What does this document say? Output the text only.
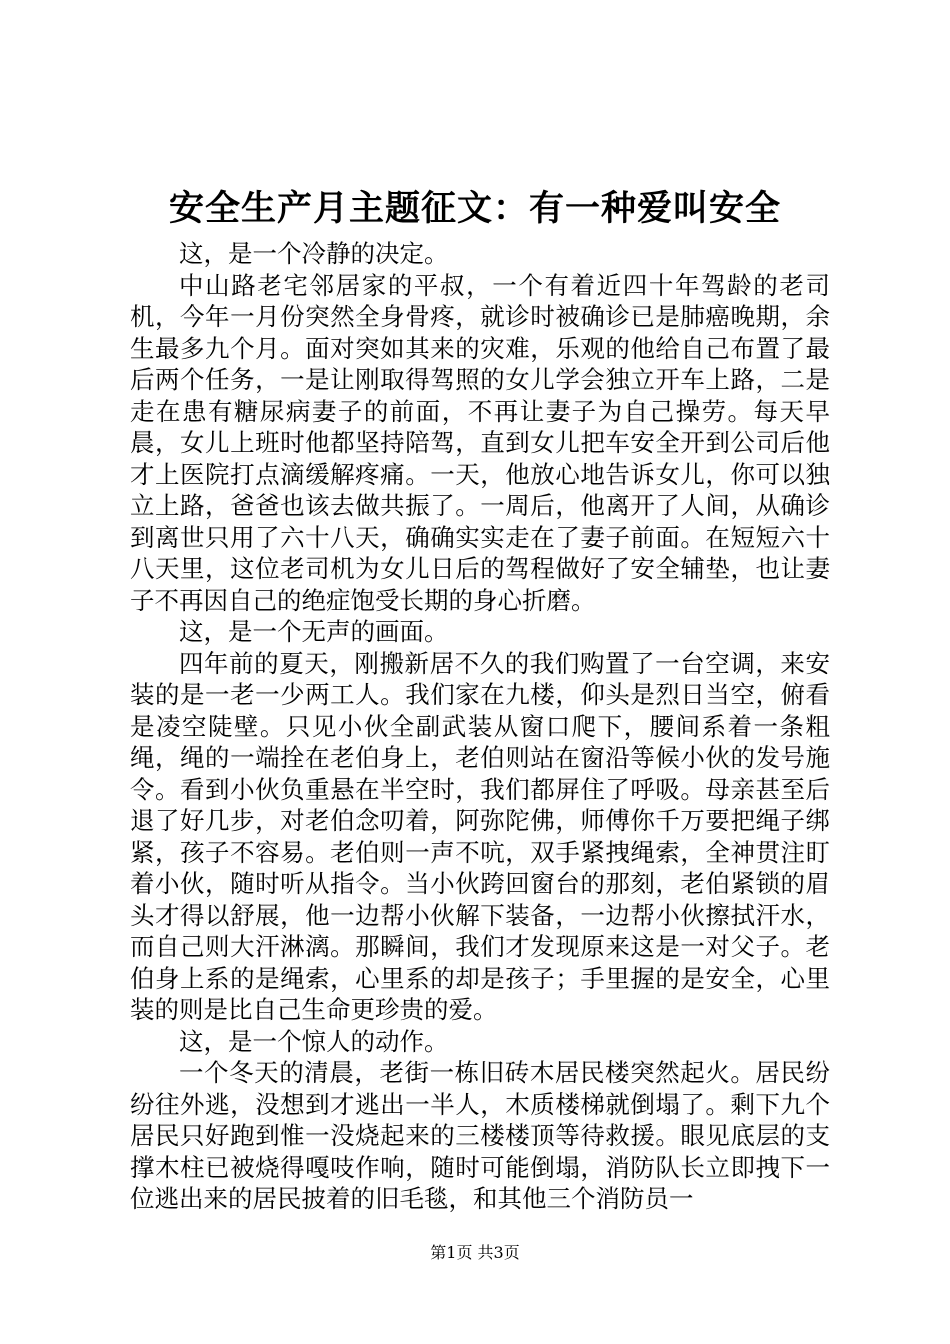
安全生产月主题征文：有一种爱叫安全

这，是一个冷静的决定。

中山路老宅邻居家的平叔，一个有着近四十年驾龄的老司机，今年一月份突然全身骨疼，就诊时被确诊已是肺癌晚期，余生最多九个月。面对突如其来的灾难，乐观的他给自己布置了最后两个任务，一是让刚取得驾照的女儿学会独立开车上路，二是走在患有糖尿病妻子的前面，不再让妻子为自己操劳。每天早晨，女儿上班时他都坚持陪驾，直到女儿把车安全开到公司后他才上医院打点滴缓解疼痛。一天，他放心地告诉女儿，你可以独立上路，爸爸也该去做共振了。一周后，他离开了人间，从确诊到离世只用了六十八天，确确实实走在了妻子前面。在短短六十八天里，这位老司机为女儿日后的驾程做好了安全辅垫，也让妻子不再因自己的绝症饱受长期的身心折磨。

这，是一个无声的画面。

四年前的夏天，刚搬新居不久的我们购置了一台空调，来安装的是一老一少两工人。我们家在九楼，仰头是烈日当空，俯看是凌空陡壁。只见小伙全副武装从窗口爬下，腰间系着一条粗绳，绳的一端拴在老伯身上，老伯则站在窗沿等候小伙的发号施令。看到小伙负重悬在半空时，我们都屏住了呼吸。母亲甚至后退了好几步，对老伯念叨着，阿弥陀佛，师傅你千万要把绳子绑紧，孩子不容易。老伯则一声不吭，双手紧拽绳索，全神贯注盯着小伙，随时听从指令。当小伙跨回窗台的那刻，老伯紧锁的眉头才得以舒展，他一边帮小伙解下装备，一边帮小伙擦拭汗水，而自己则大汗淋漓。那瞬间，我们才发现原来这是一对父子。老伯身上系的是绳索，心里系的却是孩子；手里握的是安全，心里装的则是比自己生命更珍贵的爱。

这，是一个惊人的动作。

一个冬天的清晨，老街一栋旧砖木居民楼突然起火。居民纷纷往外逃，没想到才逃出一半人，木质楼梯就倒塌了。剩下九个居民只好跑到惟一没烧起来的三楼楼顶等待救援。眼见底层的支撑木柱已被烧得嘎吱作响，随时可能倒塌，消防队长立即拽下一位逃出来的居民披着的旧毛毯，和其他三个消防员一

第1页 共3页
